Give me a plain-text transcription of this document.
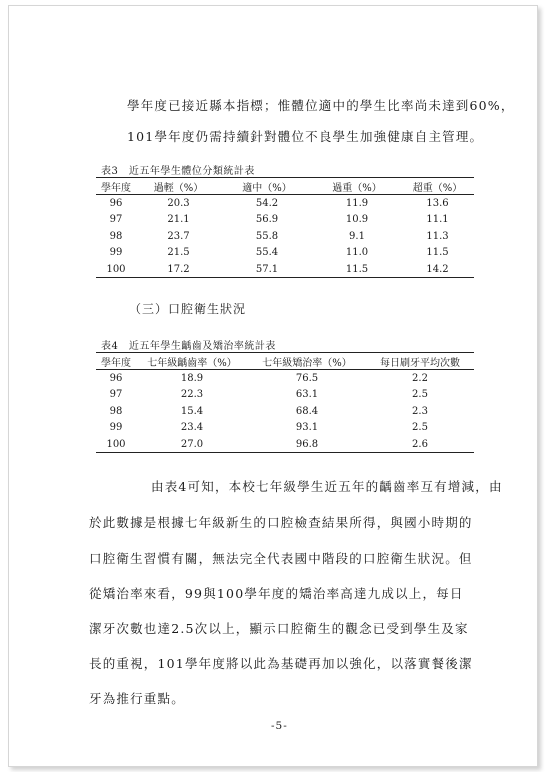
學年度已接近縣本指標；惟體位適中的學生比率尚未達到60%，
101學年度仍需持續針對體位不良學生加強健康自主管理。
表3　近五年學生體位分類統計表
學年度	過輕（%）	適中（%）	過重（%）	超重（%）
96	20.3	54.2	11.9	13.6
97	21.1	56.9	10.9	11.1
98	23.7	55.8	9.1	11.3
99	21.5	55.4	11.0	11.5
100	17.2	57.1	11.5	14.2
（三）口腔衛生狀況
表4　近五年學生齲齒及矯治率統計表
學年度	七年級齲齒率（%）	七年級矯治率（%）	每日刷牙平均次數
96	18.9	76.5	2.2
97	22.3	63.1	2.5
98	15.4	68.4	2.3
99	23.4	93.1	2.5
100	27.0	96.8	2.6
由表4可知，本校七年級學生近五年的齲齒率互有增減，由
於此數據是根據七年級新生的口腔檢查結果所得，與國小時期的
口腔衛生習慣有關，無法完全代表國中階段的口腔衛生狀況。但
從矯治率來看，99與100學年度的矯治率高達九成以上，每日
潔牙次數也達2.5次以上，顯示口腔衛生的觀念已受到學生及家
長的重視，101學年度將以此為基礎再加以強化，以落實餐後潔
牙為推行重點。
-5-
